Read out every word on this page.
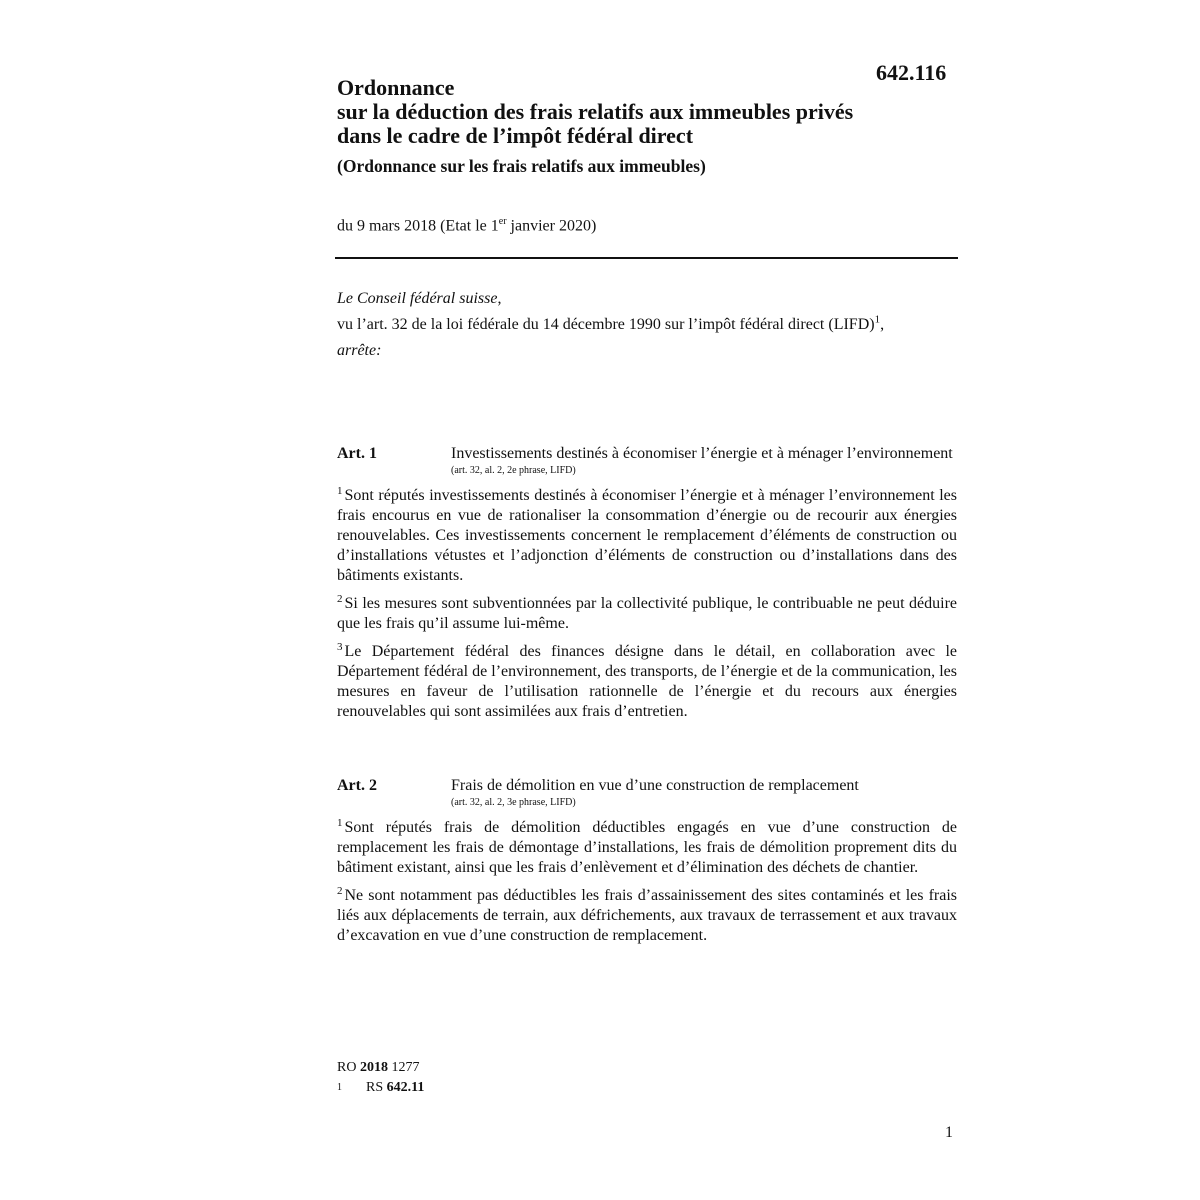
642.116
Ordonnance
sur la déduction des frais relatifs aux immeubles privés
dans le cadre de l’impôt fédéral direct
(Ordonnance sur les frais relatifs aux immeubles)
du 9 mars 2018 (Etat le 1er janvier 2020)

Le Conseil fédéral suisse,

vu l’art. 32 de la loi fédérale du 14 décembre 1990 sur l’impôt fédéral direct (LIFD)$^1$,

arrête:

Art. 1	Investissements destinés à économiser l’énergie et à ménager l’environnement
(art. 32, al. 2, 2e phrase, LIFD)

$^1$ Sont réputés investissements destinés à économiser l’énergie et à ménager l’environnement les frais encourus en vue de rationaliser la consommation d’énergie ou de recourir aux énergies renouvelables. Ces investissements concernent le remplacement d’éléments de construction ou d’installations vétustes et l’adjonction d’éléments de construction ou d’installations dans des bâtiments existants.

$^2$ Si les mesures sont subventionnées par la collectivité publique, le contribuable ne peut déduire que les frais qu’il assume lui-même.

$^3$ Le Département fédéral des finances désigne dans le détail, en collaboration avec le Département fédéral de l’environnement, des transports, de l’énergie et de la communication, les mesures en faveur de l’utilisation rationnelle de l’énergie et du recours aux énergies renouvelables qui sont assimilées aux frais d’entretien.

Art. 2	Frais de démolition en vue d’une construction de remplacement
(art. 32, al. 2, 3e phrase, LIFD)

$^1$ Sont réputés frais de démolition déductibles engagés en vue d’une construction de remplacement les frais de démontage d’installations, les frais de démolition proprement dits du bâtiment existant, ainsi que les frais d’enlèvement et d’élimination des déchets de chantier.

$^2$ Ne sont notamment pas déductibles les frais d’assainissement des sites contaminés et les frais liés aux déplacements de terrain, aux défrichements, aux travaux de terrassement et aux travaux d’excavation en vue d’une construction de remplacement.

RO 2018 1277
$^1$ RS 642.11
1
